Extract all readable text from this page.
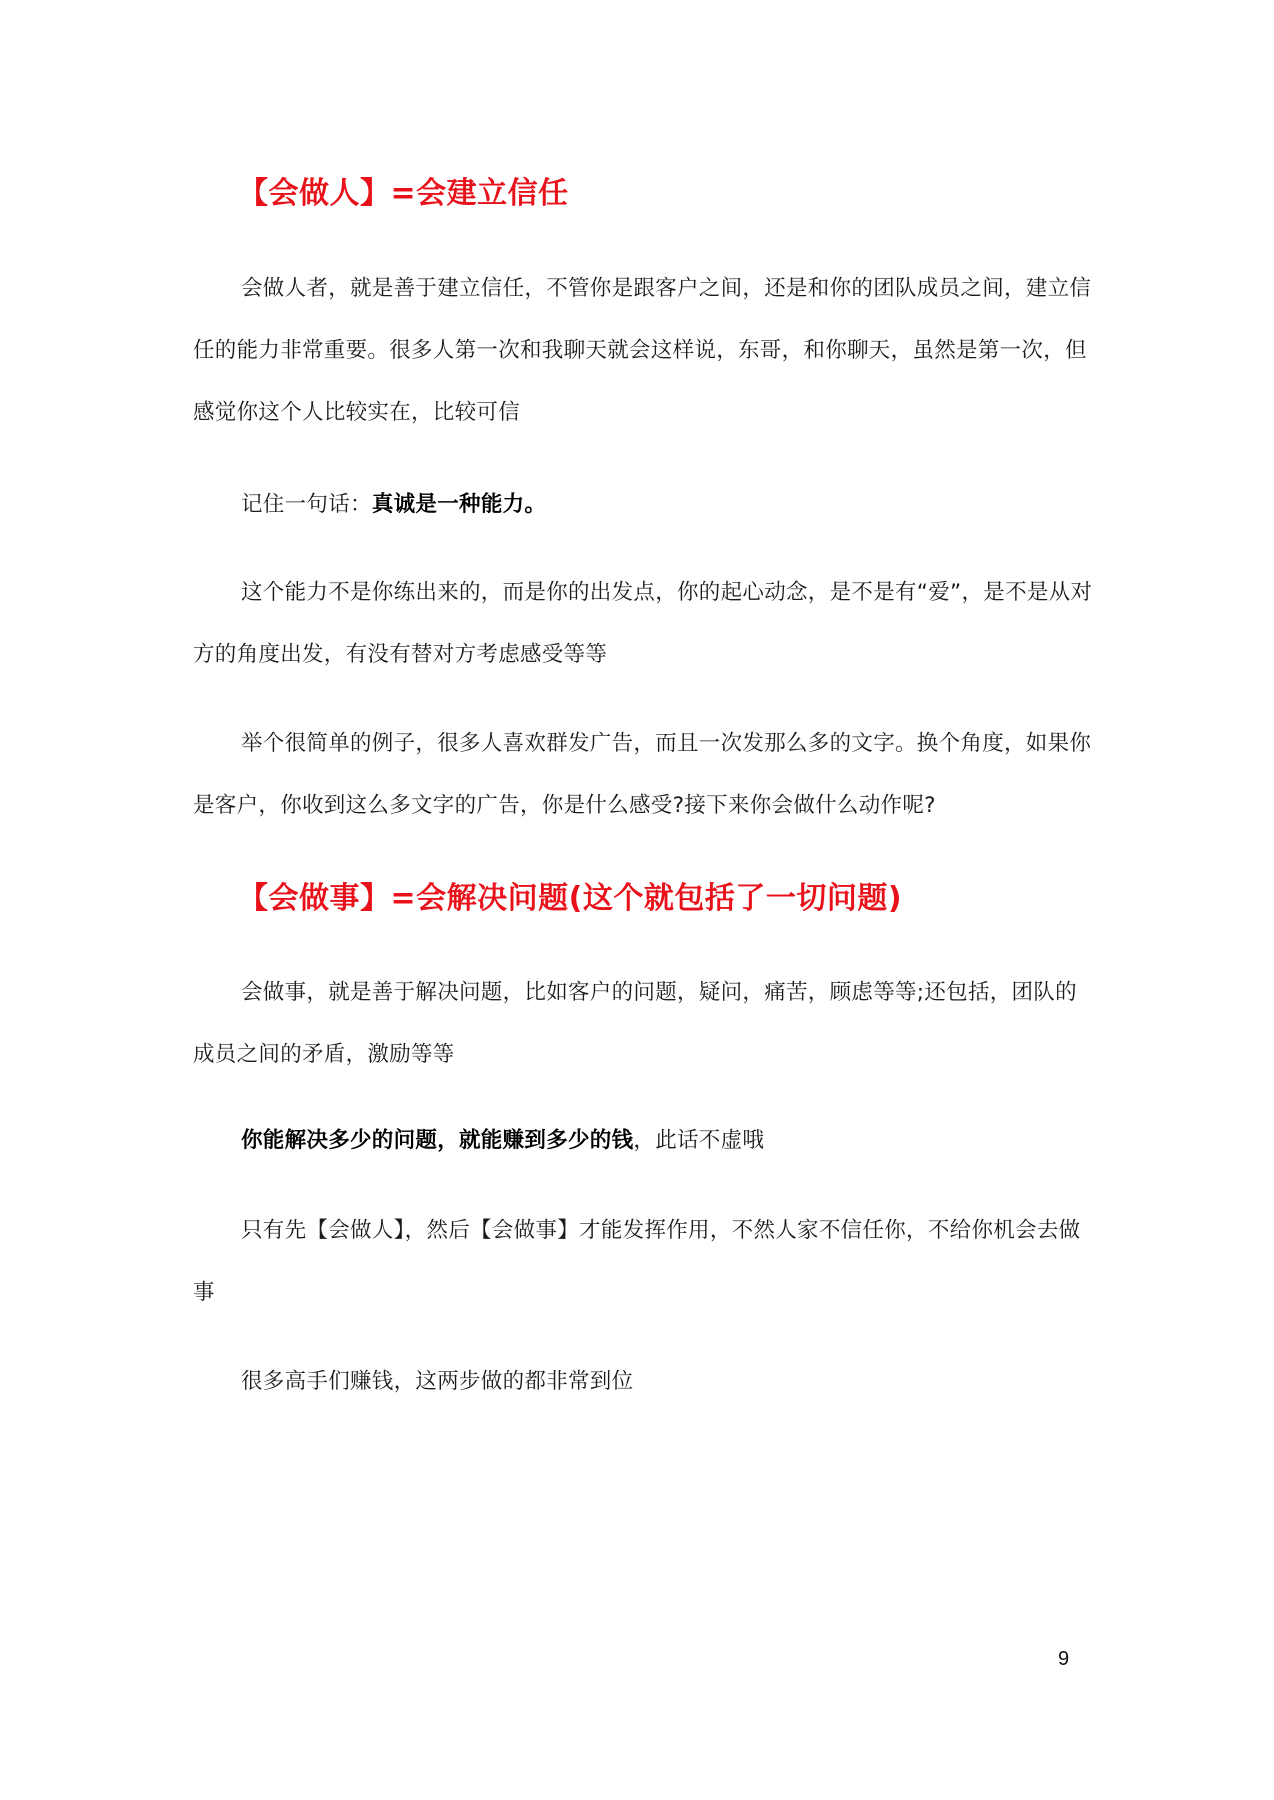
【会做人】=会建立信任

会做人者，就是善于建立信任，不管你是跟客户之间，还是和你的团队成员之间，建立信任的能力非常重要。很多人第一次和我聊天就会这样说，东哥，和你聊天，虽然是第一次，但感觉你这个人比较实在，比较可信

记住一句话：真诚是一种能力。

这个能力不是你练出来的，而是你的出发点，你的起心动念，是不是有“爱”，是不是从对方的角度出发，有没有替对方考虑感受等等

举个很简单的例子，很多人喜欢群发广告，而且一次发那么多的文字。换个角度，如果你是客户，你收到这么多文字的广告，你是什么感受?接下来你会做什么动作呢?

【会做事】=会解决问题(这个就包括了一切问题)

会做事，就是善于解决问题，比如客户的问题，疑问，痛苦，顾虑等等;还包括，团队的成员之间的矛盾，激励等等

你能解决多少的问题，就能赚到多少的钱，此话不虚哦

只有先【会做人】，然后【会做事】才能发挥作用，不然人家不信任你，不给你机会去做事

很多高手们赚钱，这两步做的都非常到位

9
